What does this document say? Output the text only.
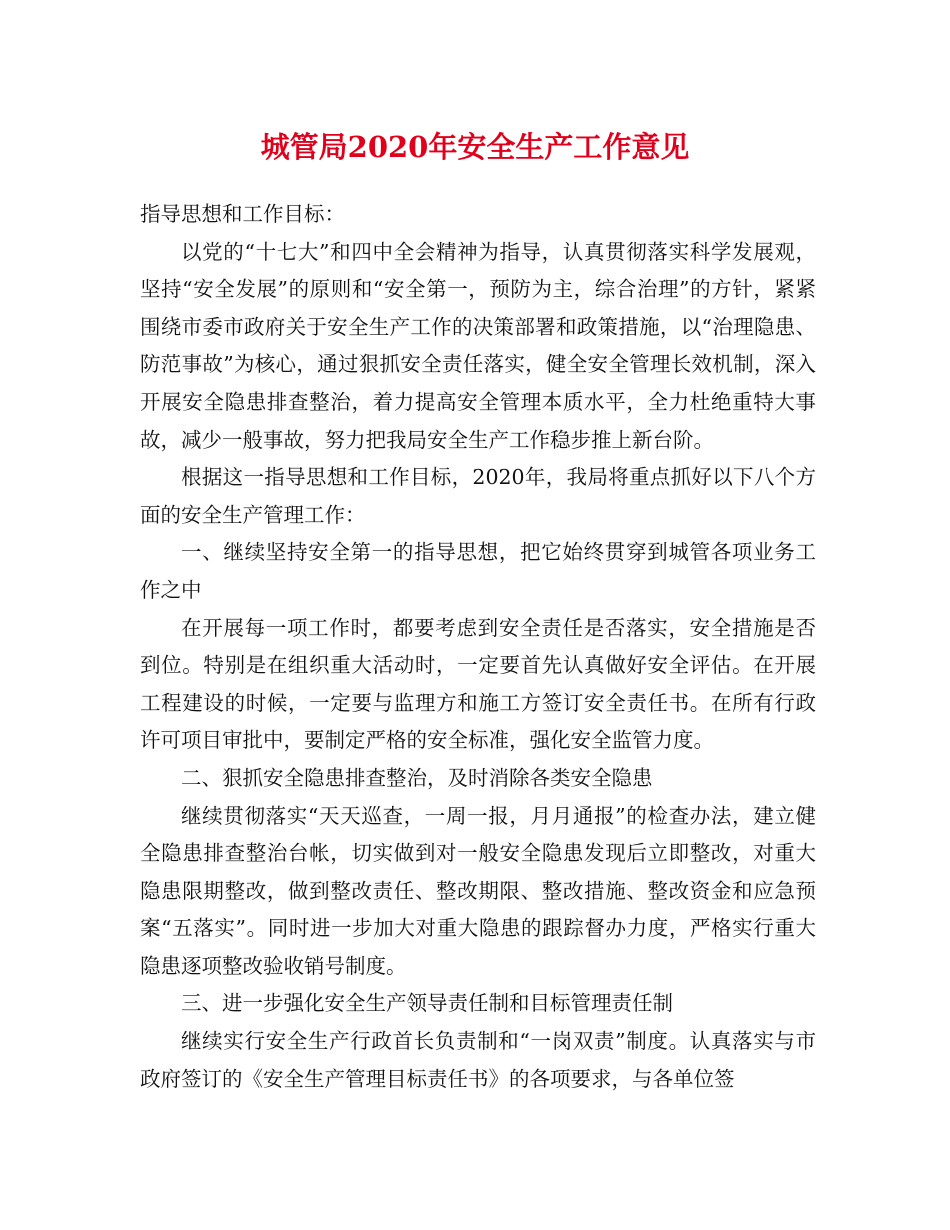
城管局2020年安全生产工作意见

指导思想和工作目标：

以党的“十七大”和四中全会精神为指导，认真贯彻落实科学发展观，坚持“安全发展”的原则和“安全第一，预防为主，综合治理”的方针，紧紧围绕市委市政府关于安全生产工作的决策部署和政策措施，以“治理隐患、防范事故”为核心，通过狠抓安全责任落实，健全安全管理长效机制，深入开展安全隐患排查整治，着力提高安全管理本质水平，全力杜绝重特大事故，减少一般事故，努力把我局安全生产工作稳步推上新台阶。

根据这一指导思想和工作目标，2020年，我局将重点抓好以下八个方面的安全生产管理工作：

一、继续坚持安全第一的指导思想，把它始终贯穿到城管各项业务工作之中

在开展每一项工作时，都要考虑到安全责任是否落实，安全措施是否到位。特别是在组织重大活动时，一定要首先认真做好安全评估。在开展工程建设的时候，一定要与监理方和施工方签订安全责任书。在所有行政许可项目审批中，要制定严格的安全标准，强化安全监管力度。

二、狠抓安全隐患排查整治，及时消除各类安全隐患

继续贯彻落实“天天巡查，一周一报，月月通报”的检查办法，建立健全隐患排查整治台帐，切实做到对一般安全隐患发现后立即整改，对重大隐患限期整改，做到整改责任、整改期限、整改措施、整改资金和应急预案“五落实”。同时进一步加大对重大隐患的跟踪督办力度，严格实行重大隐患逐项整改验收销号制度。

三、进一步强化安全生产领导责任制和目标管理责任制

继续实行安全生产行政首长负责制和“一岗双责”制度。认真落实与市政府签订的《安全生产管理目标责任书》的各项要求，与各单位签
